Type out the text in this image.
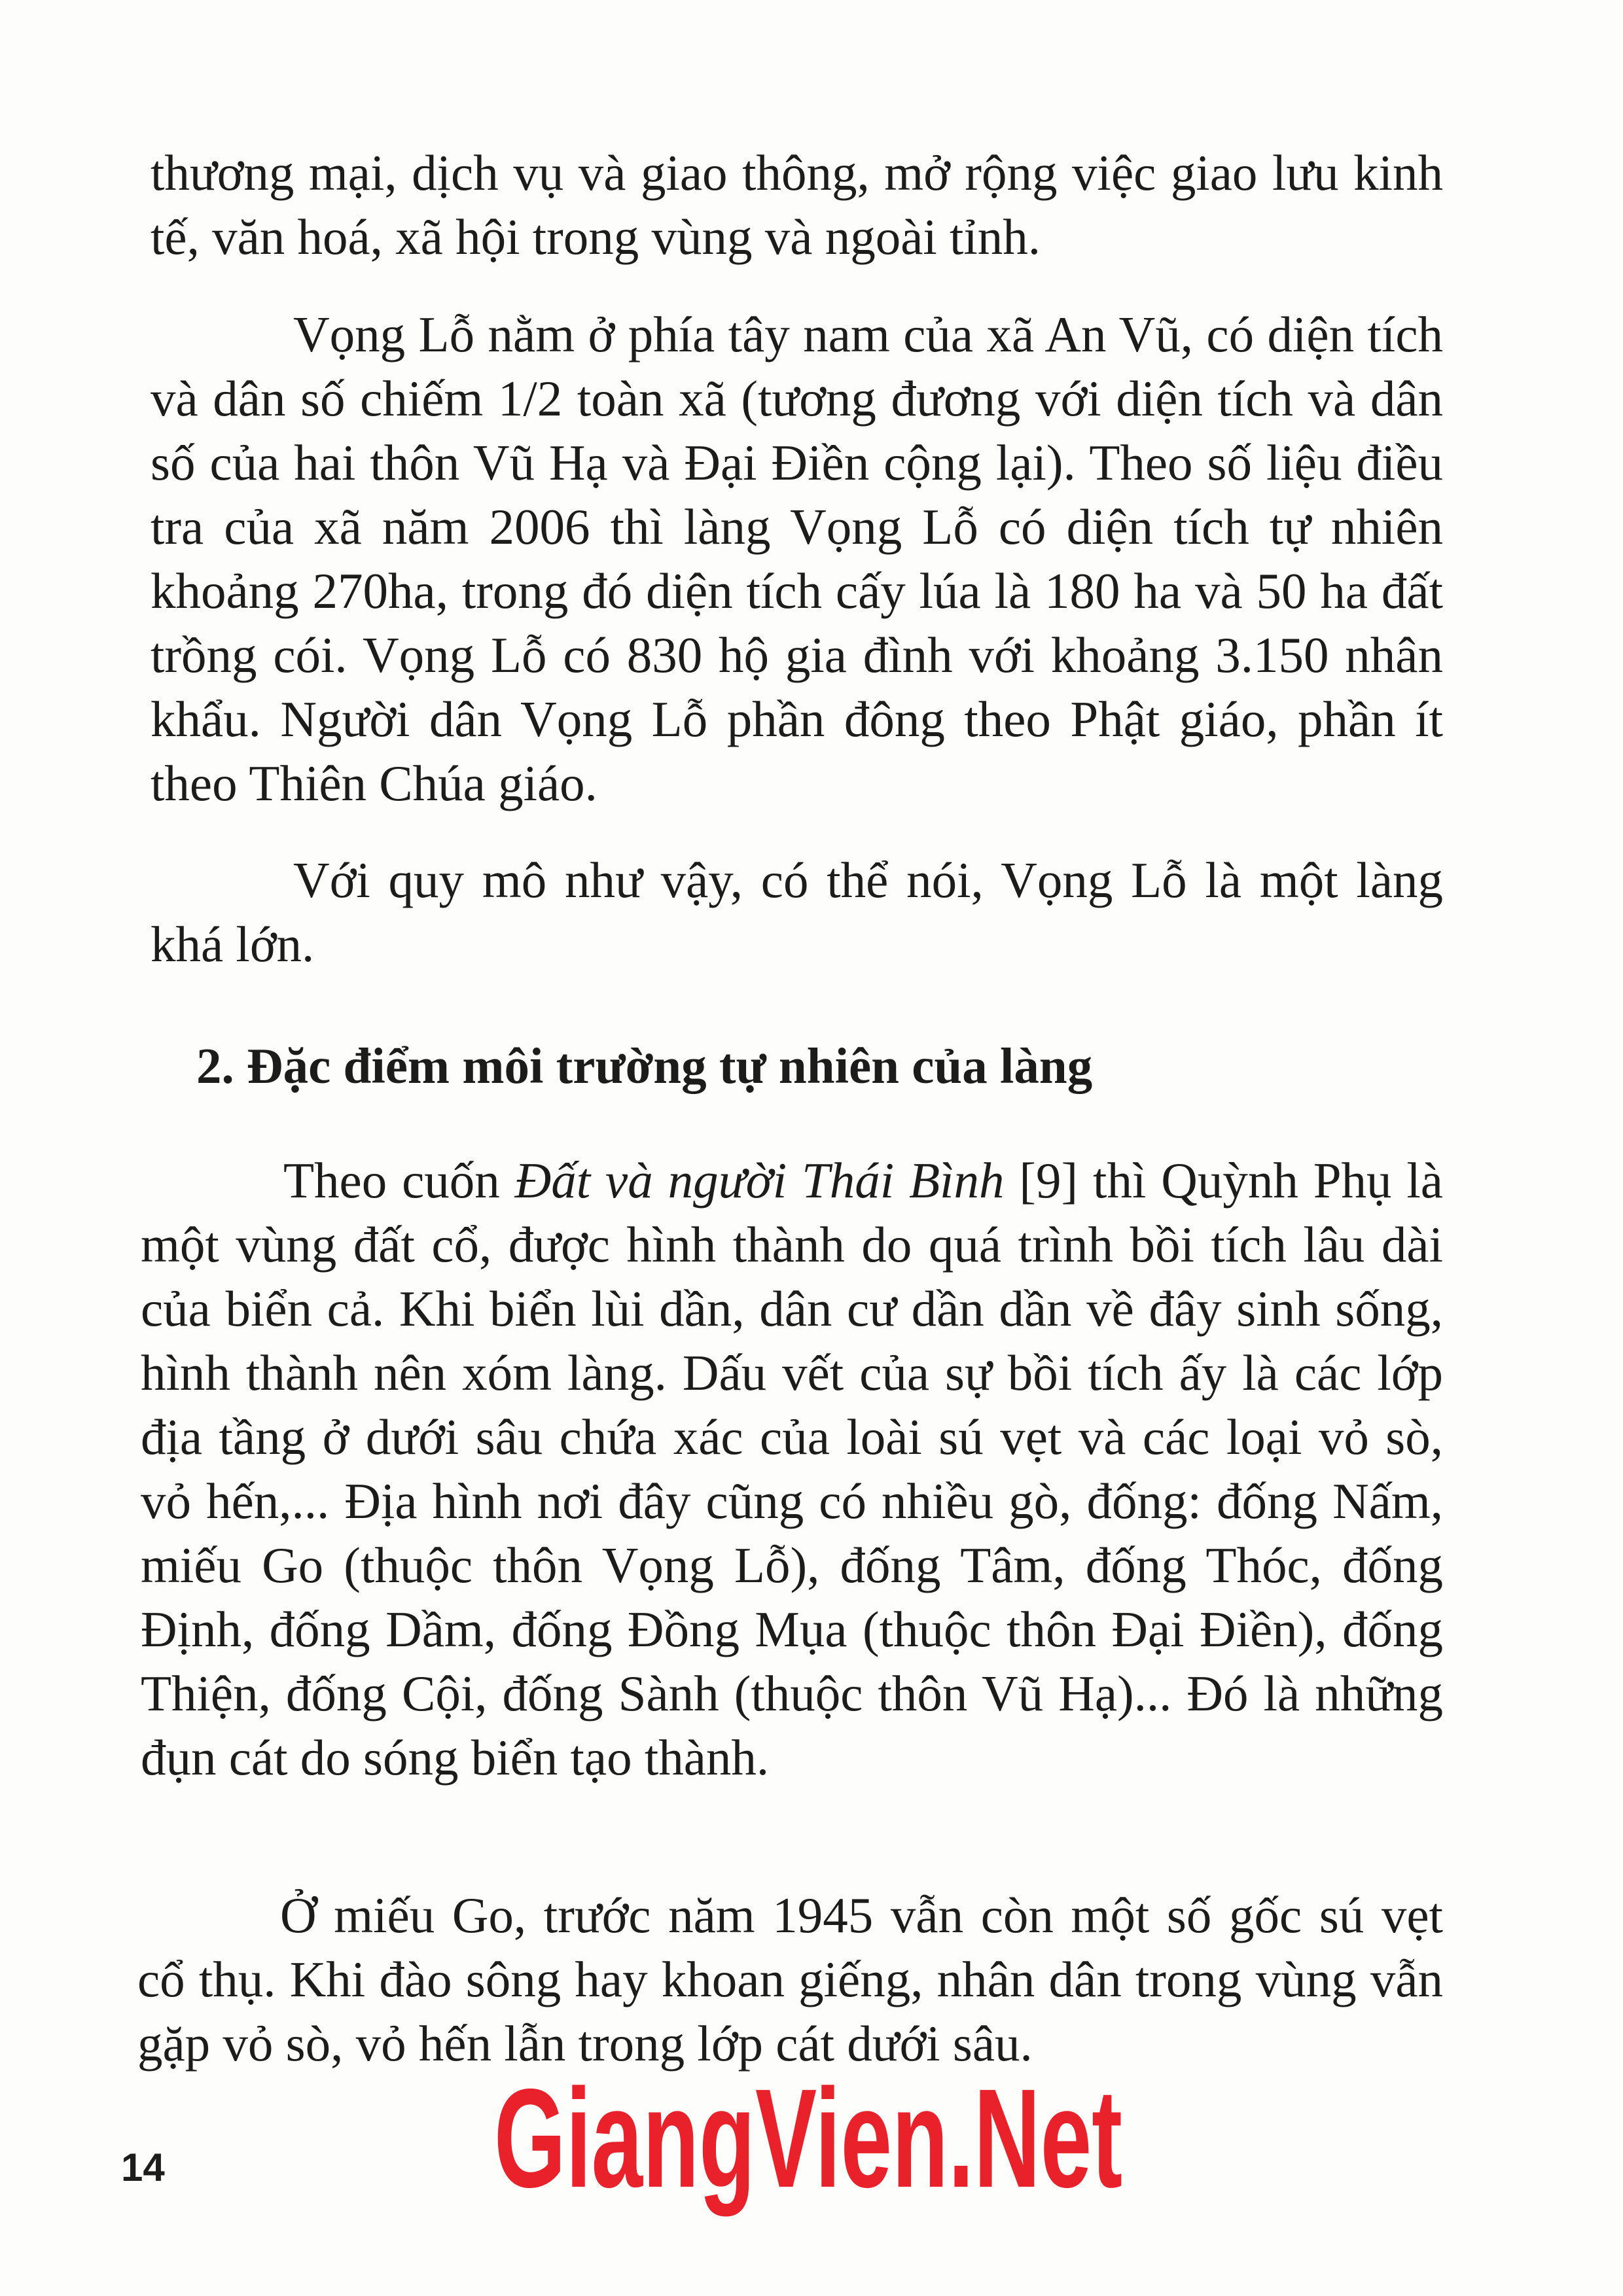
thương mại, dịch vụ và giao thông, mở rộng việc giao lưu kinh tế, văn hoá, xã hội trong vùng và ngoài tỉnh.

Vọng Lỗ nằm ở phía tây nam của xã An Vũ, có diện tích và dân số chiếm 1/2 toàn xã (tương đương với diện tích và dân số của hai thôn Vũ Hạ và Đại Điền cộng lại). Theo số liệu điều tra của xã năm 2006 thì làng Vọng Lỗ có diện tích tự nhiên khoảng 270ha, trong đó diện tích cấy lúa là 180 ha và 50 ha đất trồng cói. Vọng Lỗ có 830 hộ gia đình với khoảng 3.150 nhân khẩu. Người dân Vọng Lỗ phần đông theo Phật giáo, phần ít theo Thiên Chúa giáo.

Với quy mô như vậy, có thể nói, Vọng Lỗ là một làng khá lớn.

2. Đặc điểm môi trường tự nhiên của làng

Theo cuốn Đất và người Thái Bình [9] thì Quỳnh Phụ là một vùng đất cổ, được hình thành do quá trình bồi tích lâu dài của biển cả. Khi biển lùi dần, dân cư dần dần về đây sinh sống, hình thành nên xóm làng. Dấu vết của sự bồi tích ấy là các lớp địa tầng ở dưới sâu chứa xác của loài sú vẹt và các loại vỏ sò, vỏ hến,... Địa hình nơi đây cũng có nhiều gò, đống: đống Nấm, miếu Go (thuộc thôn Vọng Lỗ), đống Tâm, đống Thóc, đống Định, đống Dầm, đống Đồng Mụa (thuộc thôn Đại Điền), đống Thiện, đống Cội, đống Sành (thuộc thôn Vũ Hạ)... Đó là những đụn cát do sóng biển tạo thành.

Ở miếu Go, trước năm 1945 vẫn còn một số gốc sú vẹt cổ thụ. Khi đào sông hay khoan giếng, nhân dân trong vùng vẫn gặp vỏ sò, vỏ hến lẫn trong lớp cát dưới sâu.

14 GiangVien.Net
